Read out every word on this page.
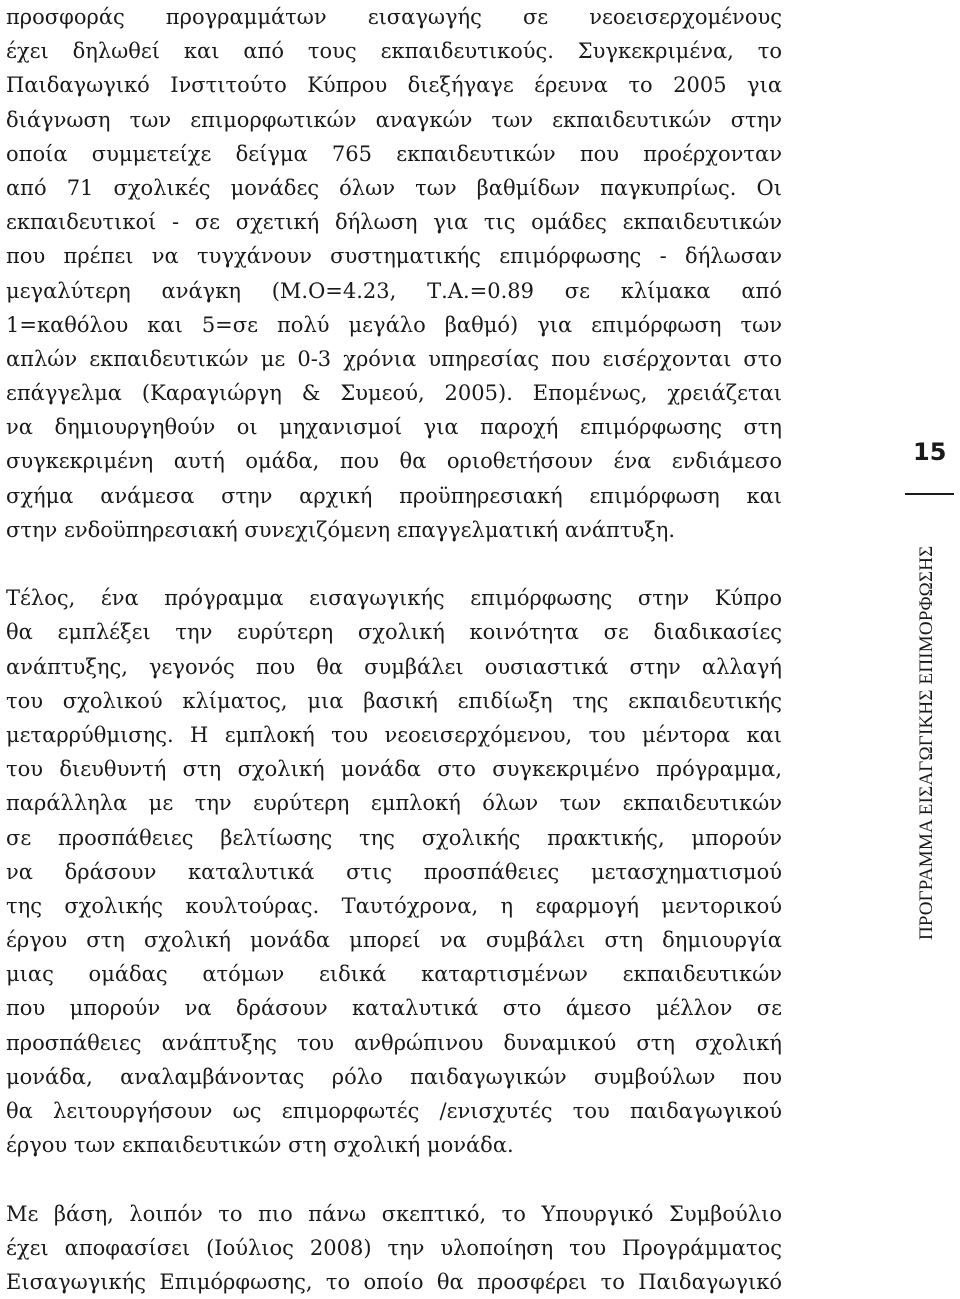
προσφοράς προγραμμάτων εισαγωγής σε νεοεισερχομένους
έχει δηλωθεί και από τους εκπαιδευτικούς. Συγκεκριμένα, το
Παιδαγωγικό Ινστιτούτο Κύπρου διεξήγαγε έρευνα το 2005 για
διάγνωση των επιμορφωτικών αναγκών των εκπαιδευτικών στην
οποία συμμετείχε δείγμα 765 εκπαιδευτικών που προέρχονταν
από 71 σχολικές μονάδες όλων των βαθμίδων παγκυπρίως. Οι
εκπαιδευτικοί - σε σχετική δήλωση για τις ομάδες εκπαιδευτικών
που πρέπει να τυγχάνουν συστηματικής επιμόρφωσης - δήλωσαν
μεγαλύτερη ανάγκη (Μ.Ο=4.23, Τ.Α.=0.89 σε κλίμακα από
1=καθόλου και 5=σε πολύ μεγάλο βαθμό) για επιμόρφωση των
απλών εκπαιδευτικών με 0-3 χρόνια υπηρεσίας που εισέρχονται στο
επάγγελμα (Καραγιώργη & Συμεού, 2005). Επομένως, χρειάζεται
να δημιουργηθούν οι μηχανισμοί για παροχή επιμόρφωσης στη
συγκεκριμένη αυτή ομάδα, που θα οριοθετήσουν ένα ενδιάμεσο
σχήμα ανάμεσα στην αρχική προϋπηρεσιακή επιμόρφωση και
στην ενδοϋπηρεσιακή συνεχιζόμενη επαγγελματική ανάπτυξη.
Τέλος, ένα πρόγραμμα εισαγωγικής επιμόρφωσης στην Κύπρο
θα εμπλέξει την ευρύτερη σχολική κοινότητα σε διαδικασίες
ανάπτυξης, γεγονός που θα συμβάλει ουσιαστικά στην αλλαγή
του σχολικού κλίματος, μια βασική επιδίωξη της εκπαιδευτικής
μεταρρύθμισης. Η εμπλοκή του νεοεισερχόμενου, του μέντορα και
του διευθυντή στη σχολική μονάδα στο συγκεκριμένο πρόγραμμα,
παράλληλα με την ευρύτερη εμπλοκή όλων των εκπαιδευτικών
σε προσπάθειες βελτίωσης της σχολικής πρακτικής, μπορούν
να δράσουν καταλυτικά στις προσπάθειες μετασχηματισμού
της σχολικής κουλτούρας. Ταυτόχρονα, η εφαρμογή μεντορικού
έργου στη σχολική μονάδα μπορεί να συμβάλει στη δημιουργία
μιας ομάδας ατόμων ειδικά καταρτισμένων εκπαιδευτικών
που μπορούν να δράσουν καταλυτικά στο άμεσο μέλλον σε
προσπάθειες ανάπτυξης του ανθρώπινου δυναμικού στη σχολική
μονάδα, αναλαμβάνοντας ρόλο παιδαγωγικών συμβούλων που
θα λειτουργήσουν ως επιμορφωτές /ενισχυτές του παιδαγωγικού
έργου των εκπαιδευτικών στη σχολική μονάδα.
Με βάση, λοιπόν το πιο πάνω σκεπτικό, το Υπουργικό Συμβούλιο
έχει αποφασίσει (Ιούλιος 2008) την υλοποίηση του Προγράμματος
Εισαγωγικής Επιμόρφωσης, το οποίο θα προσφέρει το Παιδαγωγικό
15
ΠΡΟΓΡΑΜΜΑ ΕΙΣΑΓΩΓΙΚΗΣ ΕΠΙΜΟΡΦΩΣΗΣ
